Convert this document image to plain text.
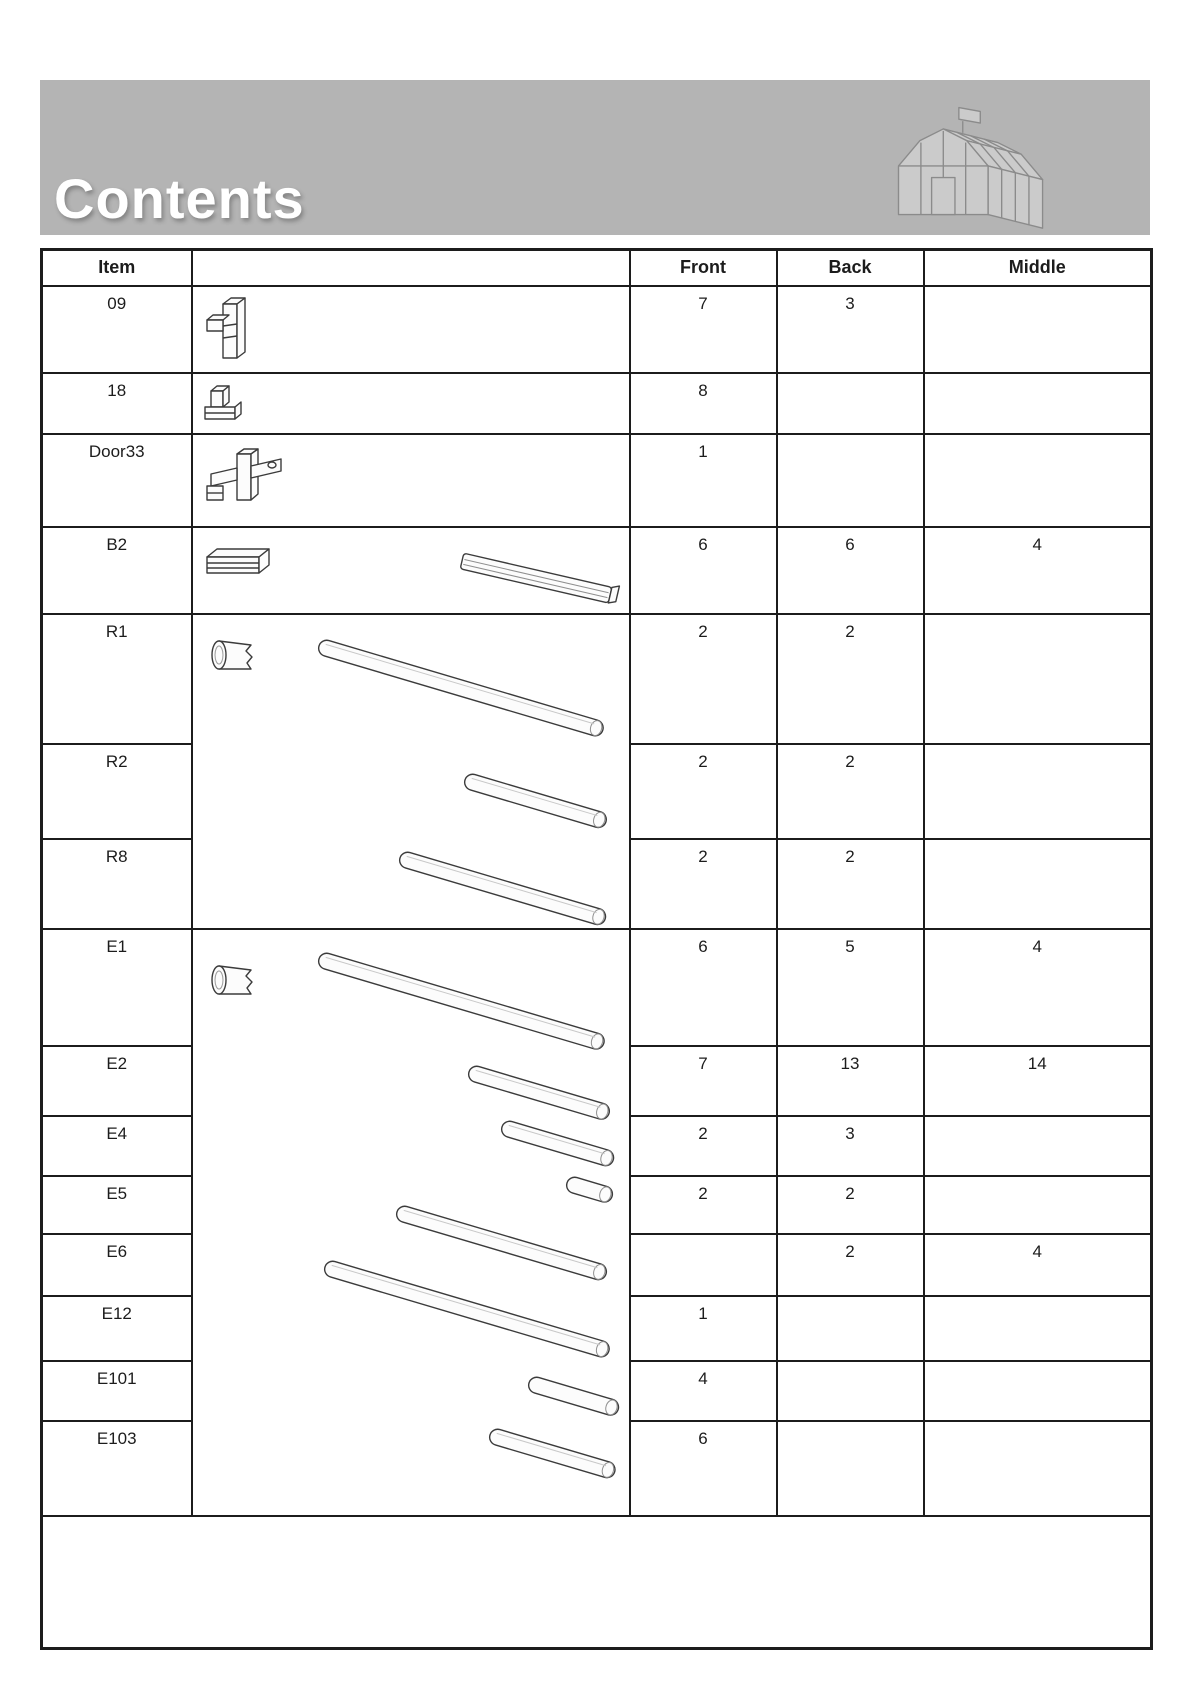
Contents
Item		Front	Back	Middle
09		7	3	
18		8		
Door33		1		
B2		6	6	4
R1		2	2	
R2		2	2	
R8		2	2	
E1		6	5	4
E2		7	13	14
E4		2	3	
E5		2	2	
E6			2	4
E12		1		
E101		4		
E103		6		
